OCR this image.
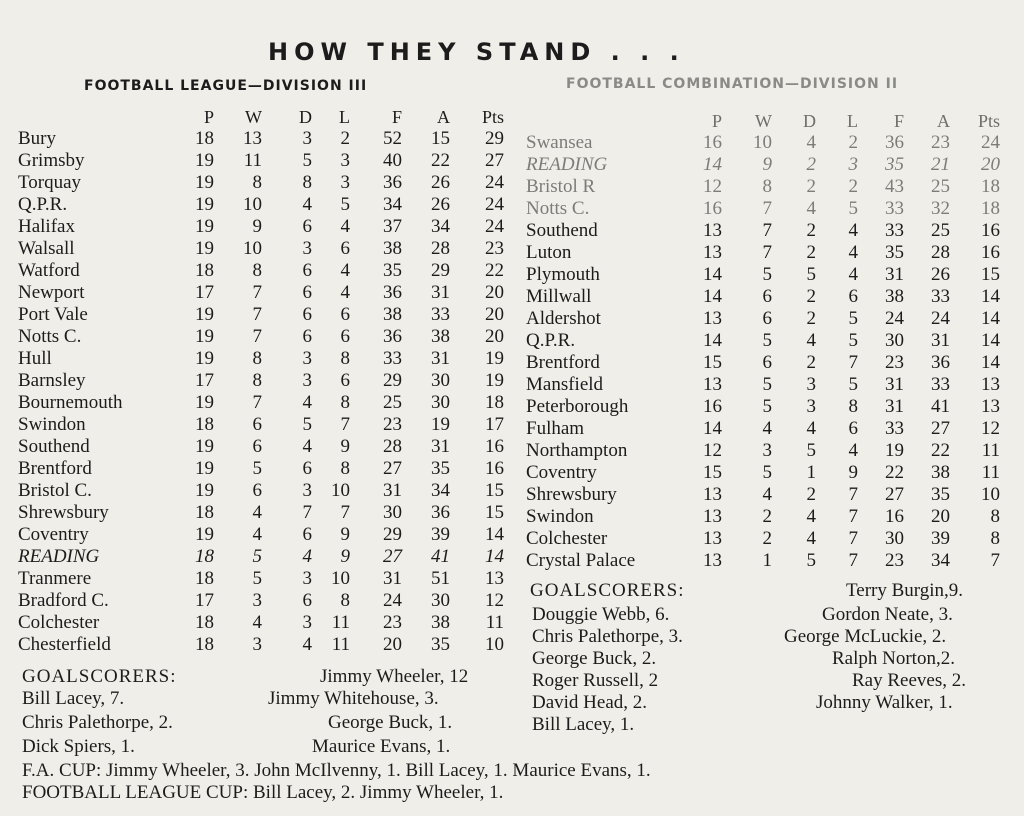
HOW THEY STAND . . .
FOOTBALL LEAGUE—DIVISION III	FOOTBALL COMBINATION—DIVISION II
	P	W	D	L	F	A	Pts
Bury	18	13	3	2	52	15	29
Grimsby	19	11	5	3	40	22	27
Torquay	19	8	8	3	36	26	24
Q.P.R.	19	10	4	5	34	26	24
Halifax	19	9	6	4	37	34	24
Walsall	19	10	3	6	38	28	23
Watford	18	8	6	4	35	29	22
Newport	17	7	6	4	36	31	20
Port Vale	19	7	6	6	38	33	20
Notts C.	19	7	6	6	36	38	20
Hull	19	8	3	8	33	31	19
Barnsley	17	8	3	6	29	30	19
Bournemouth	19	7	4	8	25	30	18
Swindon	18	6	5	7	23	19	17
Southend	19	6	4	9	28	31	16
Brentford	19	5	6	8	27	35	16
Bristol C.	19	6	3	10	31	34	15
Shrewsbury	18	4	7	7	30	36	15
Coventry	19	4	6	9	29	39	14
READING	18	5	4	9	27	41	14
Tranmere	18	5	3	10	31	51	13
Bradford C.	17	3	6	8	24	30	12
Colchester	18	4	3	11	23	38	11
Chesterfield	18	3	4	11	20	35	10
	P	W	D	L	F	A	Pts
Swansea	16	10	4	2	36	23	24
READING	14	9	2	3	35	21	20
Bristol R	12	8	2	2	43	25	18
Notts C.	16	7	4	5	33	32	18
Southend	13	7	2	4	33	25	16
Luton	13	7	2	4	35	28	16
Plymouth	14	5	5	4	31	26	15
Millwall	14	6	2	6	38	33	14
Aldershot	13	6	2	5	24	24	14
Q.P.R.	14	5	4	5	30	31	14
Brentford	15	6	2	7	23	36	14
Mansfield	13	5	3	5	31	33	13
Peterborough	16	5	3	8	31	41	13
Fulham	14	4	4	6	33	27	12
Northampton	12	3	5	4	19	22	11
Coventry	15	5	1	9	22	38	11
Shrewsbury	13	4	2	7	27	35	10
Swindon	13	2	4	7	16	20	8
Colchester	13	2	4	7	30	39	8
Crystal Palace	13	1	5	7	23	34	7
GOALSCORERS:	Jimmy Wheeler, 12
Bill Lacey, 7.	Jimmy Whitehouse, 3.
Chris Palethorpe, 2.	George Buck, 1.
Dick Spiers, 1.	Maurice Evans, 1.
GOALSCORERS:	Terry Burgin,9.
Douggie Webb, 6.	Gordon Neate, 3.
Chris Palethorpe, 3.	George McLuckie, 2.
George Buck, 2.	Ralph Norton,2.
Roger Russell, 2	Ray Reeves, 2.
David Head, 2.	Johnny Walker, 1.
Bill Lacey, 1.
F.A. CUP: Jimmy Wheeler, 3. John McIlvenny, 1. Bill Lacey, 1. Maurice Evans, 1.
FOOTBALL LEAGUE CUP: Bill Lacey, 2. Jimmy Wheeler, 1.
